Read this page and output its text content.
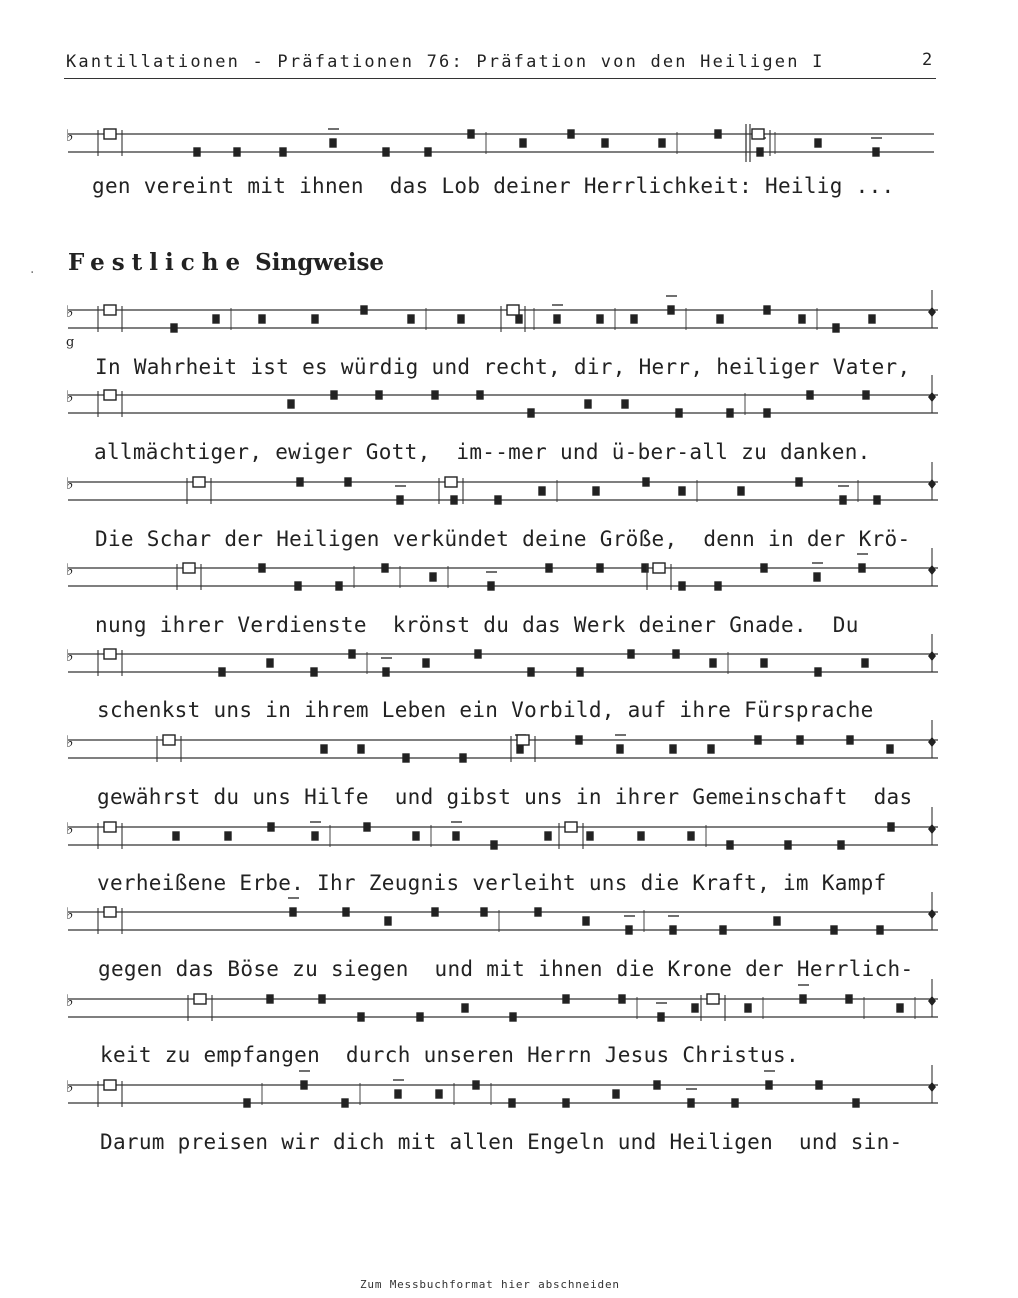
Kantillationen - Präfationen 76: Präfation von den Heiligen I	2
· Festliche Singweise
♭
♭
g
♭
♭
♭
♭
♭
♭
♭
♭
♭
gen vereint mit ihnen  das Lob deiner Herrlichkeit: Heilig ...
In Wahrheit ist es würdig und recht, dir, Herr, heiliger Vater,
allmächtiger, ewiger Gott,  im--mer und ü-ber-all zu danken.
Die Schar der Heiligen verkündet deine Größe,  denn in der Krö-
nung ihrer Verdienste  krönst du das Werk deiner Gnade.  Du
schenkst uns in ihrem Leben ein Vorbild, auf ihre Fürsprache
gewährst du uns Hilfe  und gibst uns in ihrer Gemeinschaft  das
verheißene Erbe. Ihr Zeugnis verleiht uns die Kraft, im Kampf
gegen das Böse zu siegen  und mit ihnen die Krone der Herrlich-
keit zu empfangen  durch unseren Herrn Jesus Christus.
Darum preisen wir dich mit allen Engeln und Heiligen  und sin-
Zum Messbuchformat hier abschneiden
